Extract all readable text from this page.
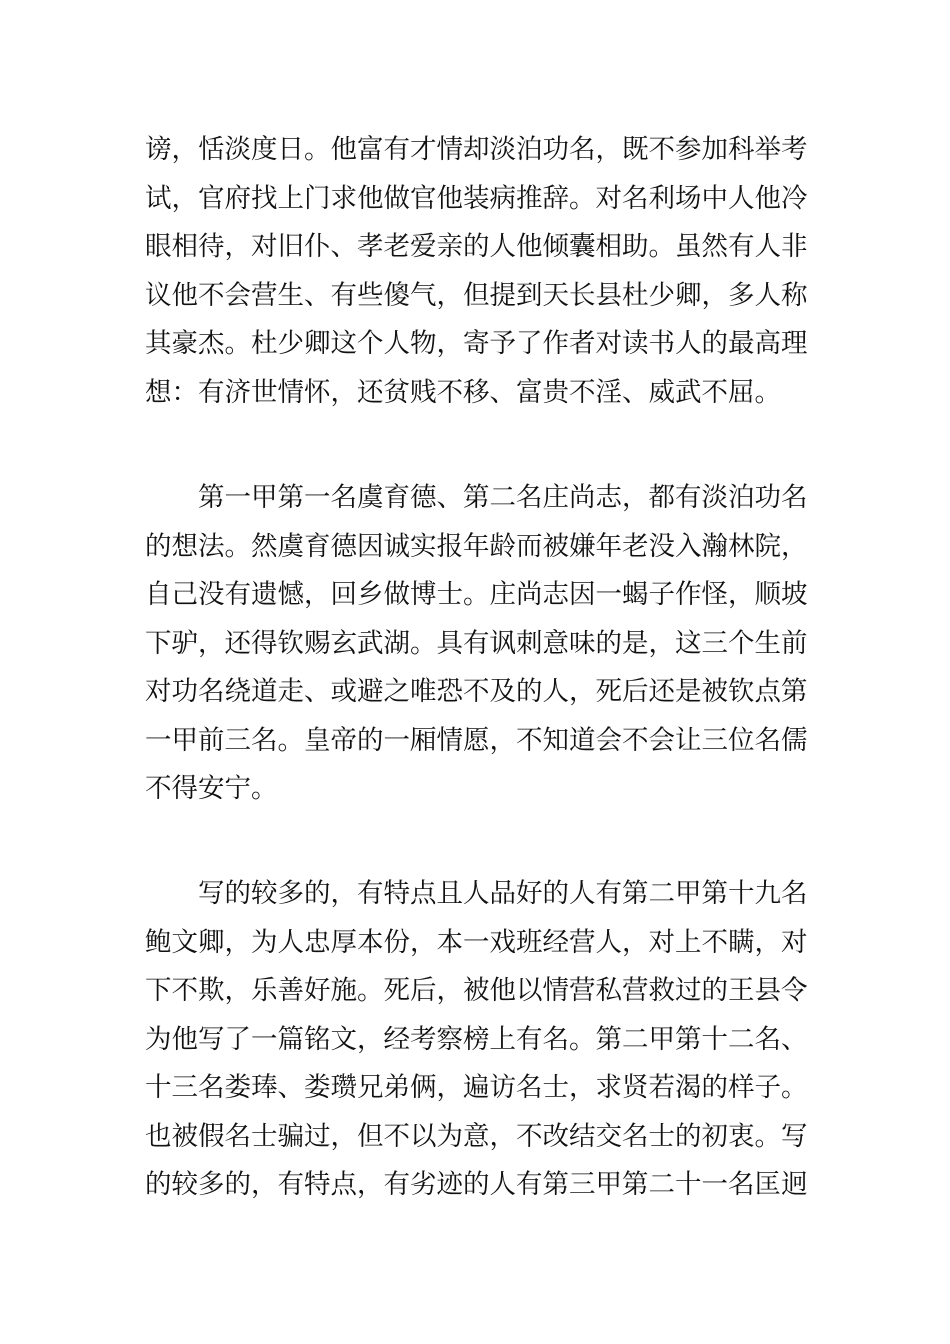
谤，恬淡度日。他富有才情却淡泊功名，既不参加科举考
试，官府找上门求他做官他装病推辞。对名利场中人他冷
眼相待，对旧仆、孝老爱亲的人他倾囊相助。虽然有人非
议他不会营生、有些傻气，但提到天长县杜少卿，多人称
其豪杰。杜少卿这个人物，寄予了作者对读书人的最高理
想：有济世情怀，还贫贱不移、富贵不淫、威武不屈。
第一甲第一名虞育德、第二名庄尚志，都有淡泊功名
的想法。然虞育德因诚实报年龄而被嫌年老没入瀚林院，
自己没有遗憾，回乡做博士。庄尚志因一蝎子作怪，顺坡
下驴，还得钦赐玄武湖。具有讽刺意味的是，这三个生前
对功名绕道走、或避之唯恐不及的人，死后还是被钦点第
一甲前三名。皇帝的一厢情愿，不知道会不会让三位名儒
不得安宁。
写的较多的，有特点且人品好的人有第二甲第十九名
鲍文卿，为人忠厚本份，本一戏班经营人，对上不瞒，对
下不欺，乐善好施。死后，被他以情营私营救过的王县令
为他写了一篇铭文，经考察榜上有名。第二甲第十二名、
十三名娄琫、娄瓒兄弟俩，遍访名士，求贤若渴的样子。
也被假名士骗过，但不以为意，不改结交名士的初衷。写
的较多的，有特点，有劣迹的人有第三甲第二十一名匡迥
